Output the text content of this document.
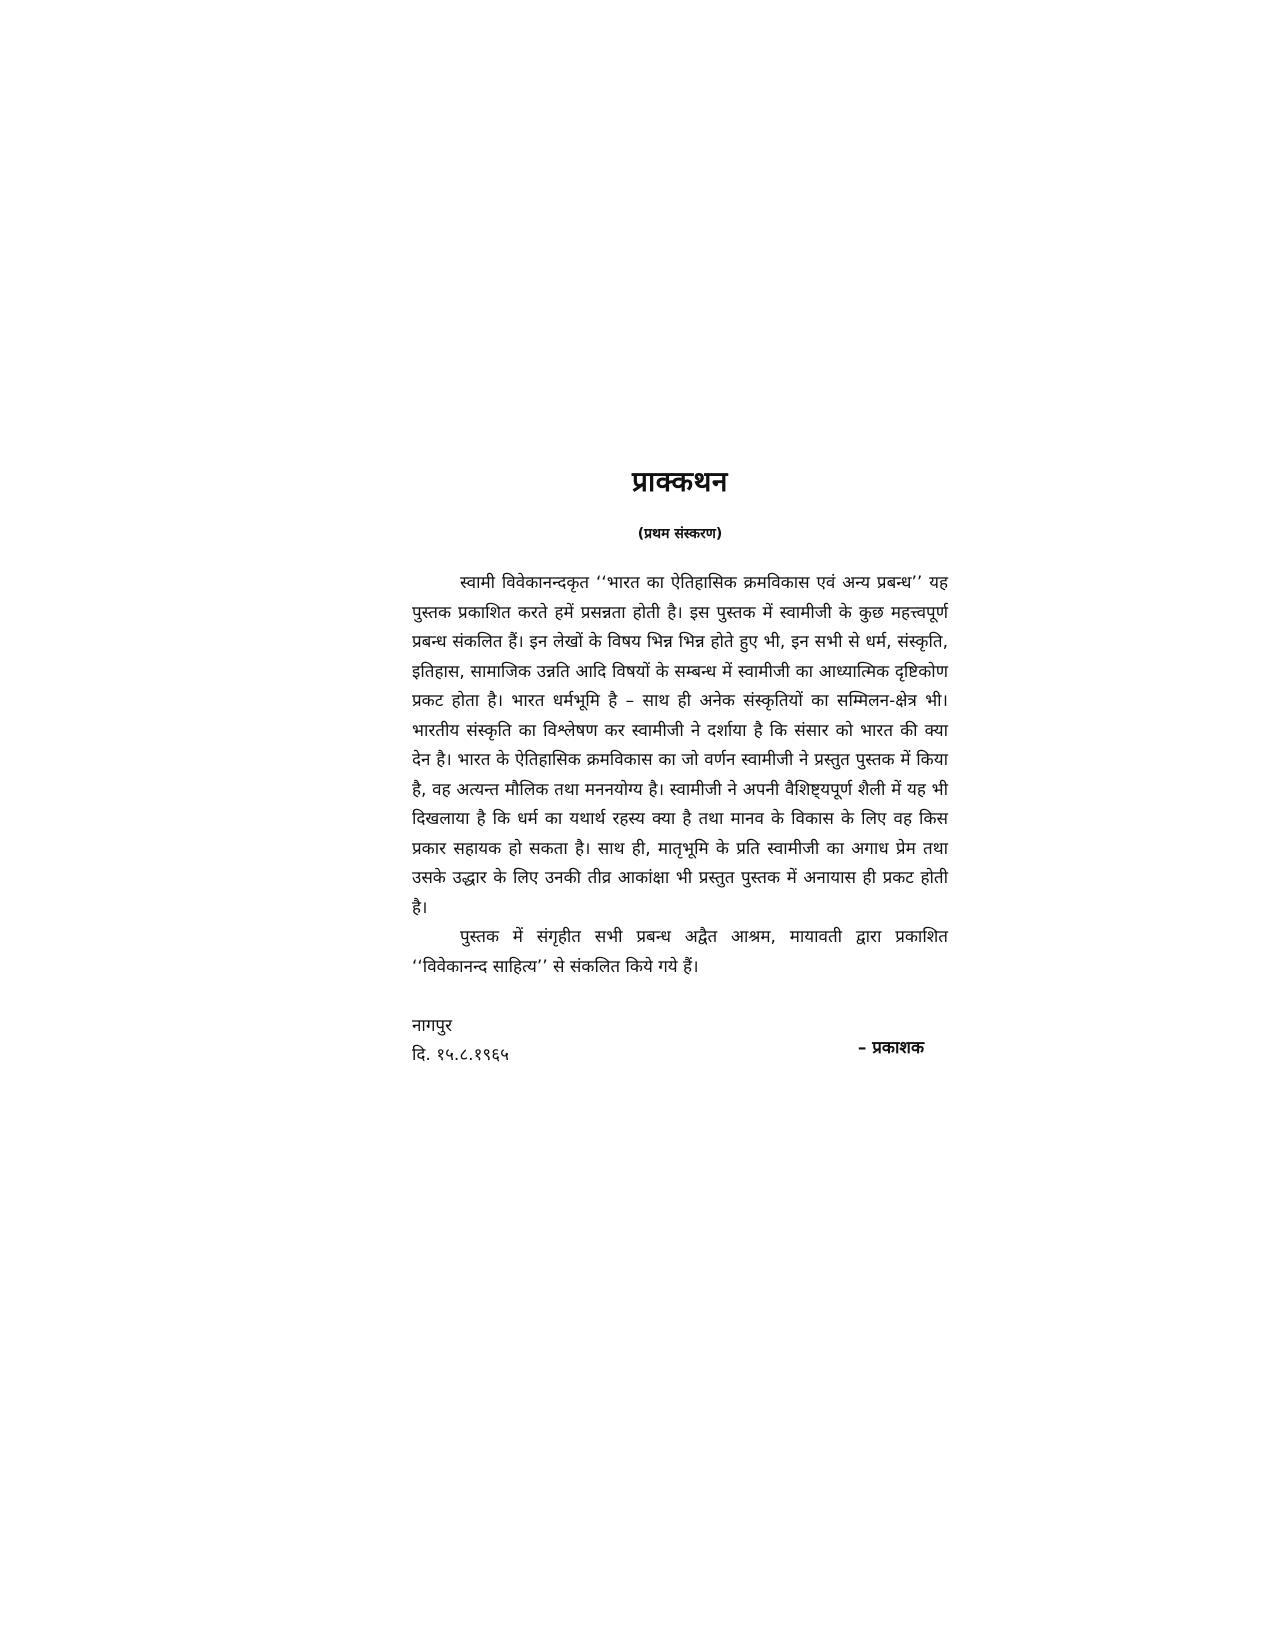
प्राक्कथन
(प्रथम संस्करण)

स्वामी विवेकानन्दकृत ‘‘भारत का ऐतिहासिक क्रमविकास एवं अन्य प्रबन्ध’’ यह पुस्तक प्रकाशित करते हमें प्रसन्नता होती है। इस पुस्तक में स्वामीजी के कुछ महत्त्वपूर्ण प्रबन्ध संकलित हैं। इन लेखों के विषय भिन्न भिन्न होते हुए भी, इन सभी से धर्म, संस्कृति, इतिहास, सामाजिक उन्नति आदि विषयों के सम्बन्ध में स्वामीजी का आध्यात्मिक दृष्टिकोण प्रकट होता है। भारत धर्मभूमि है – साथ ही अनेक संस्कृतियों का सम्मिलन-क्षेत्र भी। भारतीय संस्कृति का विश्लेषण कर स्वामीजी ने दर्शाया है कि संसार को भारत की क्या देन है। भारत के ऐतिहासिक क्रमविकास का जो वर्णन स्वामीजी ने प्रस्तुत पुस्तक में किया है, वह अत्यन्त मौलिक तथा मननयोग्य है। स्वामीजी ने अपनी वैशिष्ट्यपूर्ण शैली में यह भी दिखलाया है कि धर्म का यथार्थ रहस्य क्या है तथा मानव के विकास के लिए वह किस प्रकार सहायक हो सकता है। साथ ही, मातृभूमि के प्रति स्वामीजी का अगाध प्रेम तथा उसके उद्धार के लिए उनकी तीव्र आकांक्षा भी प्रस्तुत पुस्तक में अनायास ही प्रकट होती है।

पुस्तक में संगृहीत सभी प्रबन्ध अद्वैत आश्रम, मायावती द्वारा प्रकाशित ‘‘विवेकानन्द साहित्य’’ से संकलित किये गये हैं।

नागपुर
दि. १५.८.१९६५	– प्रकाशक
